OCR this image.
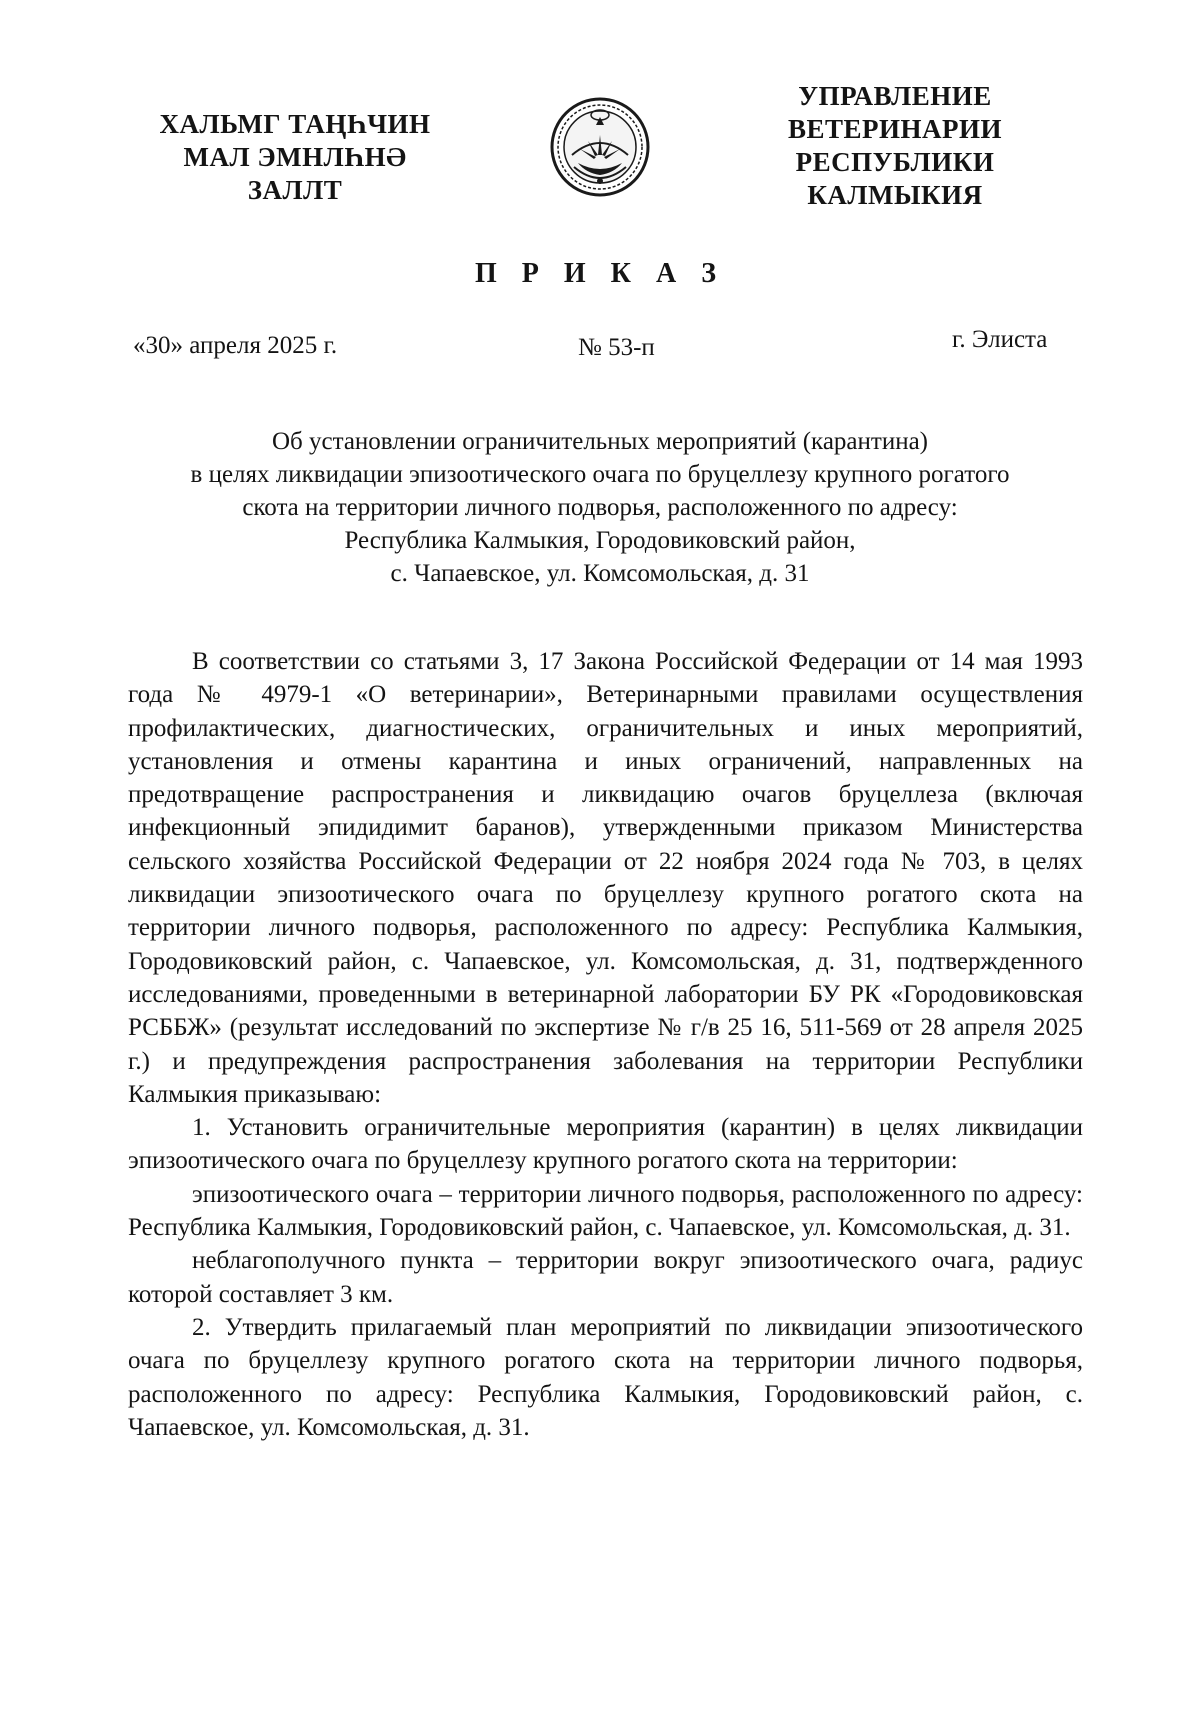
ХАЛЬМГ ТАҢҺЧИН
МАЛ ЭМНЛҺНӘ
ЗАЛЛТ
УПРАВЛЕНИЕ
ВЕТЕРИНАРИИ
РЕСПУБЛИКИ
КАЛМЫКИЯ
П Р И К А З
«30» апреля 2025 г.	№ 53-п	г. Элиста
Об установлении ограничительных мероприятий (карантина)
в целях ликвидации эпизоотического очага по бруцеллезу крупного рогатого
скота на территории личного подворья, расположенного по адресу:
Республика Калмыкия, Городовиковский район,
с. Чапаевское, ул. Комсомольская, д. 31

В соответствии со статьями 3, 17 Закона Российской Федерации от 14 мая 1993 года № 4979-1 «О ветеринарии», Ветеринарными правилами осуществления профилактических, диагностических, ограничительных и иных мероприятий, установления и отмены карантина и иных ограничений, направленных на предотвращение распространения и ликвидацию очагов бруцеллеза (включая инфекционный эпидидимит баранов), утвержденными приказом Министерства сельского хозяйства Российской Федерации от 22 ноября 2024 года № 703, в целях ликвидации эпизоотического очага по бруцеллезу крупного рогатого скота на территории личного подворья, расположенного по адресу: Республика Калмыкия, Городовиковский район, с. Чапаевское, ул. Комсомольская, д. 31, подтвержденного исследованиями, проведенными в ветеринарной лаборатории БУ РК «Городовиковская РСББЖ» (результат исследований по экспертизе № г/в 25 16, 511-569 от 28 апреля 2025 г.) и предупреждения распространения заболевания на территории Республики Калмыкия приказываю:

1. Установить ограничительные мероприятия (карантин) в целях ликвидации эпизоотического очага по бруцеллезу крупного рогатого скота на территории:

эпизоотического очага – территории личного подворья, расположенного по адресу: Республика Калмыкия, Городовиковский район, с. Чапаевское, ул. Комсомольская, д. 31.

неблагополучного пункта – территории вокруг эпизоотического очага, радиус которой составляет 3 км.

2. Утвердить прилагаемый план мероприятий по ликвидации эпизоотического очага по бруцеллезу крупного рогатого скота на территории личного подворья, расположенного по адресу: Республика Калмыкия, Городовиковский район, с. Чапаевское, ул. Комсомольская, д. 31.
